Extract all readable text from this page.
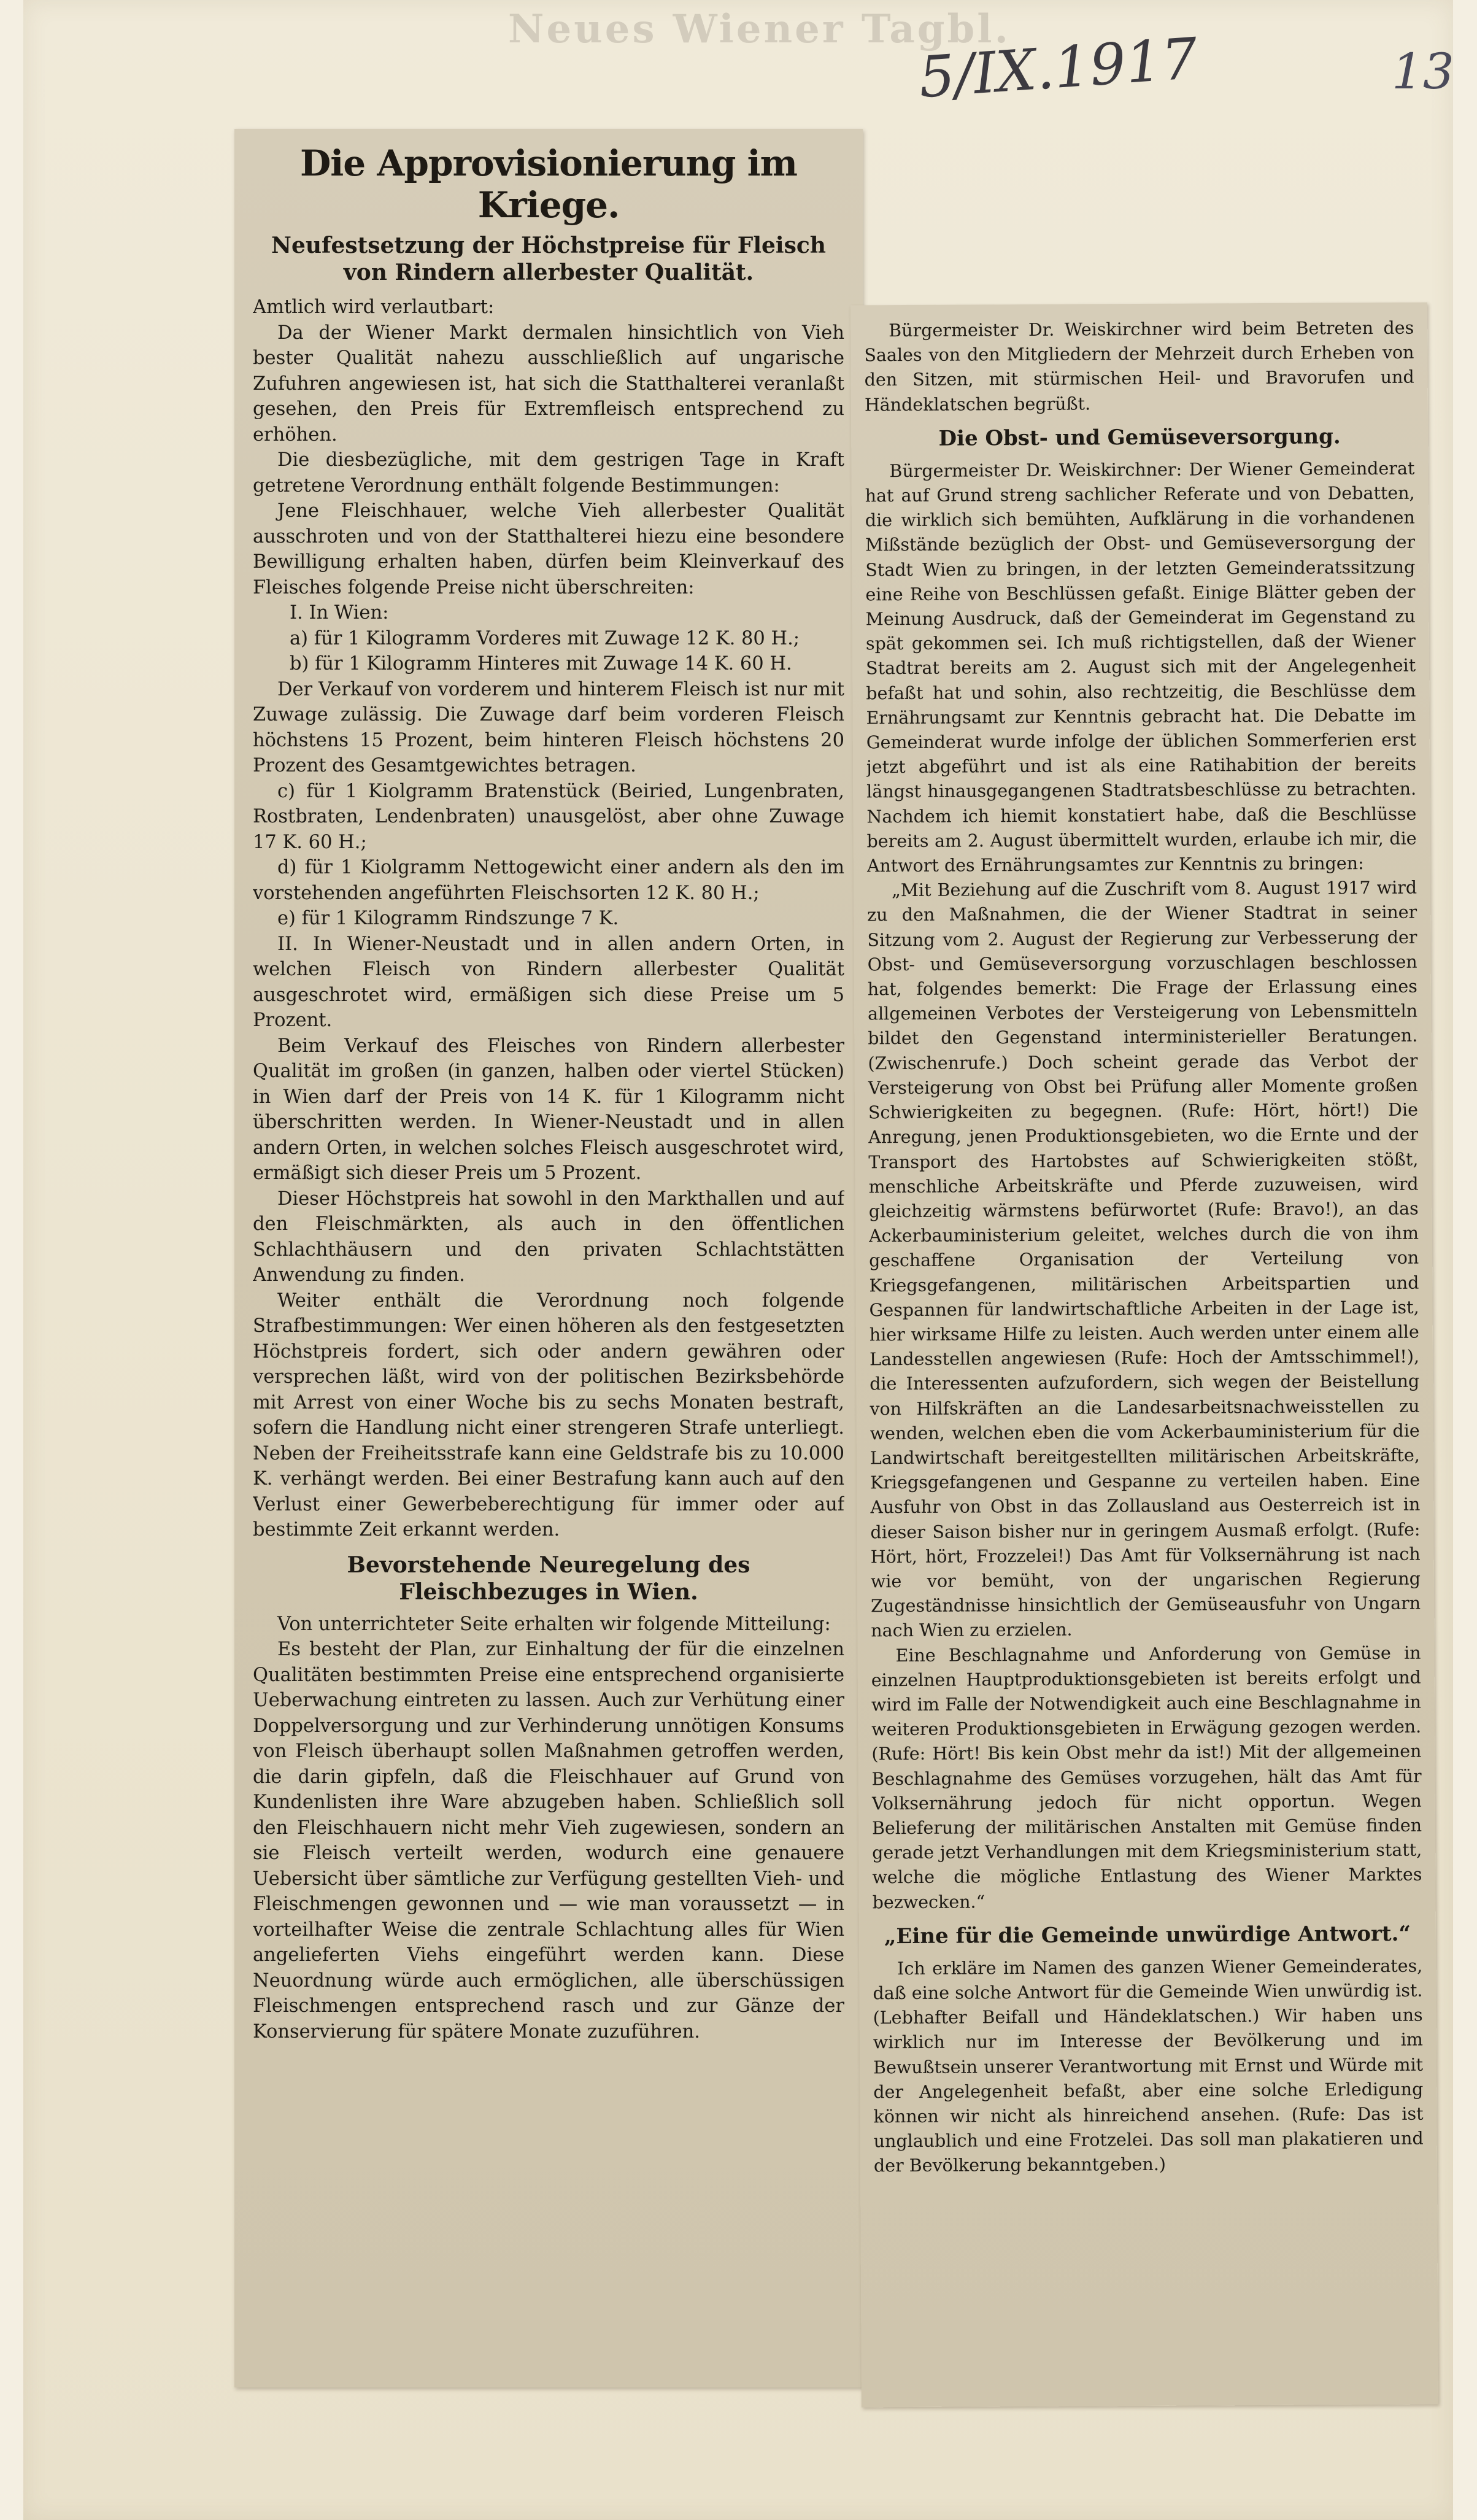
Neues Wiener Tagbl.
5/IX.1917	13
Die Approvisionierung im Kriege.
Neufestsetzung der Höchstpreise für Fleisch von Rindern allerbester Qualität.

Amtlich wird verlautbart:

Da der Wiener Markt dermalen hinsichtlich von Vieh bester Qualität nahezu ausschließlich auf ungarische Zufuhren angewiesen ist, hat sich die Statthalterei veranlaßt gesehen, den Preis für Extremfleisch entsprechend zu erhöhen.

Die diesbezügliche, mit dem gestrigen Tage in Kraft getretene Verordnung enthält folgende Bestimmungen:

Jene Fleischhauer, welche Vieh allerbester Qualität ausschroten und von der Statthalterei hiezu eine besondere Bewilligung erhalten haben, dürfen beim Kleinverkauf des Fleisches folgende Preise nicht überschreiten:

I. In Wien:

a) für 1 Kilogramm Vorderes mit Zuwage 12 K. 80 H.;

b) für 1 Kilogramm Hinteres mit Zuwage 14 K. 60 H.

Der Verkauf von vorderem und hinterem Fleisch ist nur mit Zuwage zulässig. Die Zuwage darf beim vorderen Fleisch höchstens 15 Prozent, beim hinteren Fleisch höchstens 20 Prozent des Gesamtgewichtes betragen.

c) für 1 Kiolgramm Bratenstück (Beiried, Lungenbraten, Rostbraten, Lendenbraten) unausgelöst, aber ohne Zuwage 17 K. 60 H.;

d) für 1 Kiolgramm Nettogewicht einer andern als den im vorstehenden angeführten Fleischsorten 12 K. 80 H.;

e) für 1 Kilogramm Rindszunge 7 K.

II. In Wiener-Neustadt und in allen andern Orten, in welchen Fleisch von Rindern allerbester Qualität ausgeschrotet wird, ermäßigen sich diese Preise um 5 Prozent.

Beim Verkauf des Fleisches von Rindern allerbester Qualität im großen (in ganzen, halben oder viertel Stücken) in Wien darf der Preis von 14 K. für 1 Kilogramm nicht überschritten werden. In Wiener-Neustadt und in allen andern Orten, in welchen solches Fleisch ausgeschrotet wird, ermäßigt sich dieser Preis um 5 Prozent.

Dieser Höchstpreis hat sowohl in den Markthallen und auf den Fleischmärkten, als auch in den öffentlichen Schlachthäusern und den privaten Schlachtstätten Anwendung zu finden.

Weiter enthält die Verordnung noch folgende Strafbestimmungen: Wer einen höheren als den festgesetzten Höchstpreis fordert, sich oder andern gewähren oder versprechen läßt, wird von der politischen Bezirksbehörde mit Arrest von einer Woche bis zu sechs Monaten bestraft, sofern die Handlung nicht einer strengeren Strafe unterliegt. Neben der Freiheitsstrafe kann eine Geldstrafe bis zu 10.000 K. verhängt werden. Bei einer Bestrafung kann auch auf den Verlust einer Gewerbeberechtigung für immer oder auf bestimmte Zeit erkannt werden.

Bevorstehende Neuregelung des Fleischbezuges in Wien.

Von unterrichteter Seite erhalten wir folgende Mitteilung:

Es besteht der Plan, zur Einhaltung der für die einzelnen Qualitäten bestimmten Preise eine entsprechend organisierte Ueberwachung eintreten zu lassen. Auch zur Verhütung einer Doppelversorgung und zur Verhinderung unnötigen Konsums von Fleisch überhaupt sollen Maßnahmen getroffen werden, die darin gipfeln, daß die Fleischhauer auf Grund von Kundenlisten ihre Ware abzugeben haben. Schließlich soll den Fleischhauern nicht mehr Vieh zugewiesen, sondern an sie Fleisch verteilt werden, wodurch eine genauere Uebersicht über sämtliche zur Verfügung gestellten Vieh- und Fleischmengen gewonnen und — wie man voraussetzt — in vorteilhafter Weise die zentrale Schlachtung alles für Wien angelieferten Viehs eingeführt werden kann. Diese Neuordnung würde auch ermöglichen, alle überschüssigen Fleischmengen entsprechend rasch und zur Gänze der Konservierung für spätere Monate zuzuführen.

Bürgermeister Dr. Weiskirchner wird beim Betreten des Saales von den Mitgliedern der Mehrzeit durch Erheben von den Sitzen, mit stürmischen Heil- und Bravorufen und Händeklatschen begrüßt.

Die Obst- und Gemüseversorgung.

Bürgermeister Dr. Weiskirchner: Der Wiener Gemeinderat hat auf Grund streng sachlicher Referate und von Debatten, die wirklich sich bemühten, Aufklärung in die vorhandenen Mißstände bezüglich der Obst- und Gemüseversorgung der Stadt Wien zu bringen, in der letzten Gemeinderatssitzung eine Reihe von Beschlüssen gefaßt. Einige Blätter geben der Meinung Ausdruck, daß der Gemeinderat im Gegenstand zu spät gekommen sei. Ich muß richtigstellen, daß der Wiener Stadtrat bereits am 2. August sich mit der Angelegenheit befaßt hat und sohin, also rechtzeitig, die Beschlüsse dem Ernährungsamt zur Kenntnis gebracht hat. Die Debatte im Gemeinderat wurde infolge der üblichen Sommerferien erst jetzt abgeführt und ist als eine Ratihabition der bereits längst hinausgegangenen Stadtratsbeschlüsse zu betrachten. Nachdem ich hiemit konstatiert habe, daß die Beschlüsse bereits am 2. August übermittelt wurden, erlaube ich mir, die Antwort des Ernährungsamtes zur Kenntnis zu bringen:

„Mit Beziehung auf die Zuschrift vom 8. August 1917 wird zu den Maßnahmen, die der Wiener Stadtrat in seiner Sitzung vom 2. August der Regierung zur Verbesserung der Obst- und Gemüseversorgung vorzuschlagen beschlossen hat, folgendes bemerkt: Die Frage der Erlassung eines allgemeinen Verbotes der Versteigerung von Lebensmitteln bildet den Gegenstand interministerieller Beratungen. (Zwischenrufe.) Doch scheint gerade das Verbot der Versteigerung von Obst bei Prüfung aller Momente großen Schwierigkeiten zu begegnen. (Rufe: Hört, hört!) Die Anregung, jenen Produktionsgebieten, wo die Ernte und der Transport des Hartobstes auf Schwierigkeiten stößt, menschliche Arbeitskräfte und Pferde zuzuweisen, wird gleichzeitig wärmstens befürwortet (Rufe: Bravo!), an das Ackerbauministerium geleitet, welches durch die von ihm geschaffene Organisation der Verteilung von Kriegsgefangenen, militärischen Arbeitspartien und Gespannen für landwirtschaftliche Arbeiten in der Lage ist, hier wirksame Hilfe zu leisten. Auch werden unter einem alle Landesstellen angewiesen (Rufe: Hoch der Amtsschimmel!), die Interessenten aufzufordern, sich wegen der Beistellung von Hilfskräften an die Landesarbeitsnachweisstellen zu wenden, welchen eben die vom Ackerbauministerium für die Landwirtschaft bereitgestellten militärischen Arbeitskräfte, Kriegsgefangenen und Gespanne zu verteilen haben. Eine Ausfuhr von Obst in das Zollausland aus Oesterreich ist in dieser Saison bisher nur in geringem Ausmaß erfolgt. (Rufe: Hört, hört, Frozzelei!) Das Amt für Volksernährung ist nach wie vor bemüht, von der ungarischen Regierung Zugeständnisse hinsichtlich der Gemüseausfuhr von Ungarn nach Wien zu erzielen.

Eine Beschlagnahme und Anforderung von Gemüse in einzelnen Hauptproduktionsgebieten ist bereits erfolgt und wird im Falle der Notwendigkeit auch eine Beschlagnahme in weiteren Produktionsgebieten in Erwägung gezogen werden. (Rufe: Hört! Bis kein Obst mehr da ist!) Mit der allgemeinen Beschlagnahme des Gemüses vorzugehen, hält das Amt für Volksernährung jedoch für nicht opportun. Wegen Belieferung der militärischen Anstalten mit Gemüse finden gerade jetzt Verhandlungen mit dem Kriegsministerium statt, welche die mögliche Entlastung des Wiener Marktes bezwecken.“

„Eine für die Gemeinde unwürdige Antwort.“

Ich erkläre im Namen des ganzen Wiener Gemeinderates, daß eine solche Antwort für die Gemeinde Wien unwürdig ist. (Lebhafter Beifall und Händeklatschen.) Wir haben uns wirklich nur im Interesse der Bevölkerung und im Bewußtsein unserer Verantwortung mit Ernst und Würde mit der Angelegenheit befaßt, aber eine solche Erledigung können wir nicht als hinreichend ansehen. (Rufe: Das ist unglaublich und eine Frotzelei. Das soll man plakatieren und der Bevölkerung bekanntgeben.)
